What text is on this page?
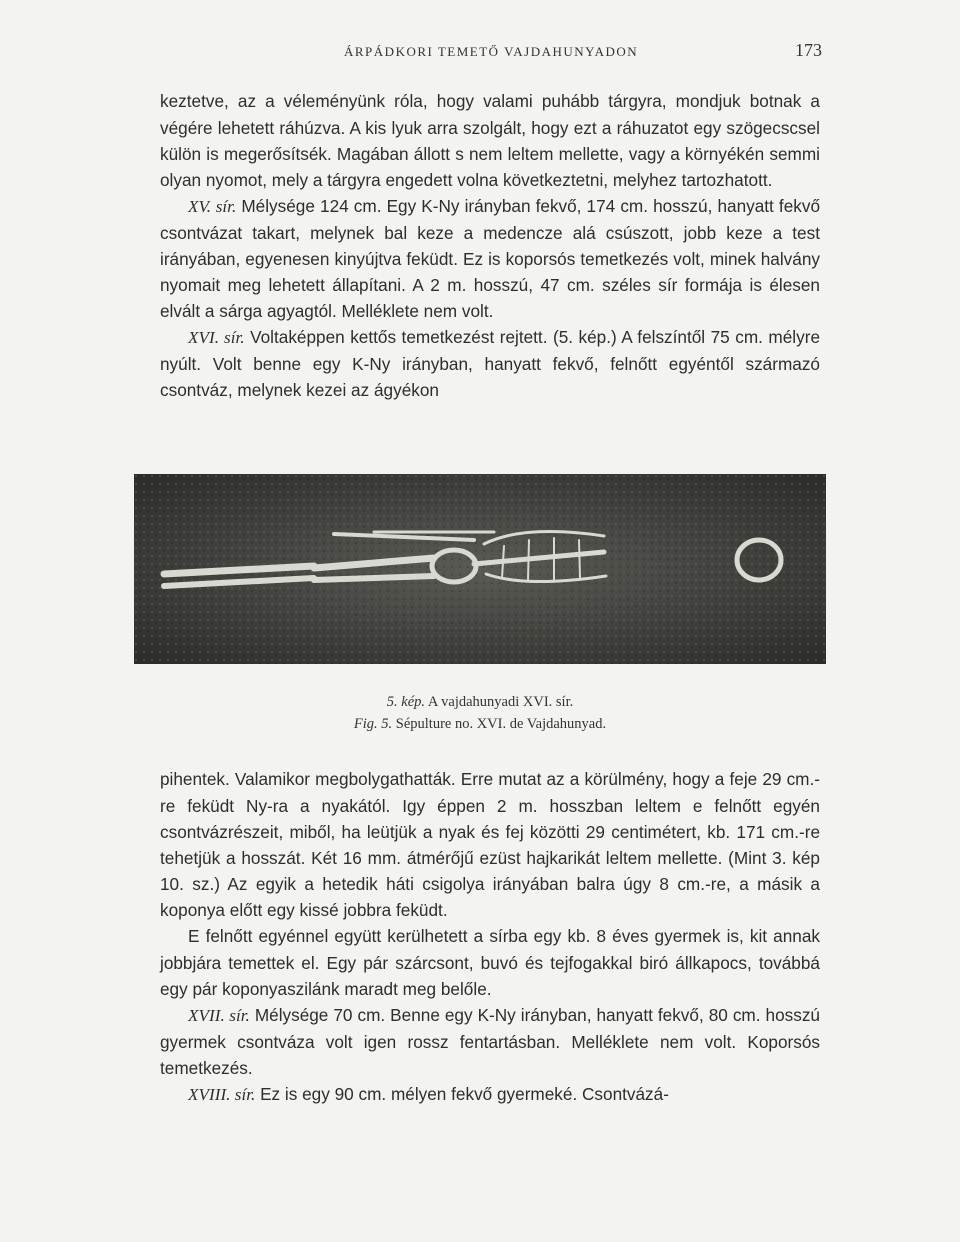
ÁRPÁDKORI TEMETŐ VAJDAHUNYADON	173

keztetve, az a véleményünk róla, hogy valami puhább tárgyra, mondjuk botnak a végére lehetett ráhúzva. A kis lyuk arra szolgált, hogy ezt a ráhuzatot egy szögecscsel külön is megerősítsék. Magában állott s nem leltem mellette, vagy a környékén semmi olyan nyomot, mely a tárgyra engedett volna következtetni, melyhez tartozhatott.

XV. sír. Mélysége 124 cm. Egy K-Ny irányban fekvő, 174 cm. hosszú, hanyatt fekvő csontvázat takart, melynek bal keze a medencze alá csúszott, jobb keze a test irányában, egyenesen kinyújtva feküdt. Ez is koporsós temetkezés volt, minek halvány nyomait meg lehetett állapítani. A 2 m. hosszú, 47 cm. széles sír formája is élesen elvált a sárga agyagtól. Melléklete nem volt.

XVI. sír. Voltaképpen kettős temetkezést rejtett. (5. kép.) A felszíntől 75 cm. mélyre nyúlt. Volt benne egy K-Ny irányban, hanyatt fekvő, felnőtt egyéntől származó csontváz, melynek kezei az ágyékon

5. kép. A vajdahunyadi XVI. sír.
Fig. 5. Sépulture no. XVI. de Vajdahunyad.

pihentek. Valamikor megbolygathatták. Erre mutat az a körülmény, hogy a feje 29 cm.-re feküdt Ny-ra a nyakától. Igy éppen 2 m. hosszban leltem e felnőtt egyén csontvázrészeit, miből, ha leütjük a nyak és fej közötti 29 centimétert, kb. 171 cm.-re tehetjük a hosszát. Két 16 mm. átmérőjű ezüst hajkarikát leltem mellette. (Mint 3. kép 10. sz.) Az egyik a hetedik háti csigolya irányában balra úgy 8 cm.-re, a másik a koponya előtt egy kissé jobbra feküdt.

E felnőtt egyénnel együtt kerülhetett a sírba egy kb. 8 éves gyermek is, kit annak jobbjára temettek el. Egy pár szárcsont, buvó és tejfogakkal biró állkapocs, továbbá egy pár koponyaszilánk maradt meg belőle.

XVII. sír. Mélysége 70 cm. Benne egy K-Ny irányban, hanyatt fekvő, 80 cm. hosszú gyermek csontváza volt igen rossz fentartásban. Melléklete nem volt. Koporsós temetkezés.

XVIII. sír. Ez is egy 90 cm. mélyen fekvő gyermeké. Csontvázá-
